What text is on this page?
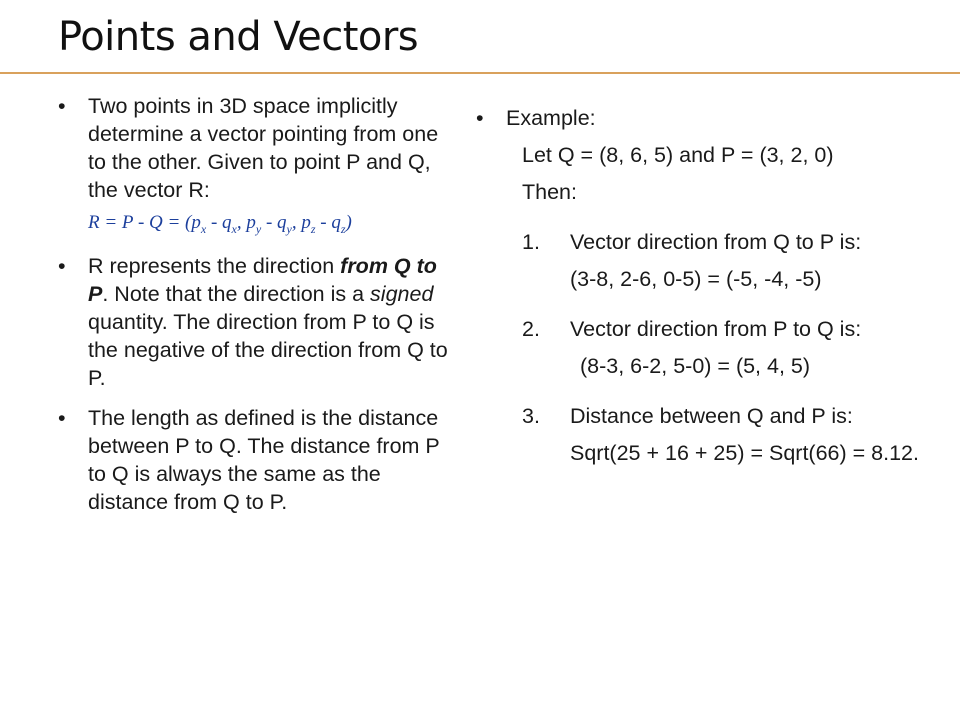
Points and Vectors
• Two points in 3D space implicitly determine a vector pointing from one to the other. Given to point P and Q, the vector R:
$R = P - Q = (p_x - q_x$, $p_y - q_y$, $p_z - q_z$)
• R represents the direction from Q to P. Note that the direction is a signed quantity. The direction from P to Q is the negative of the direction from Q to P.
• The length as defined is the distance between P to Q. The distance from P to Q is always the same as the distance from Q to P.
• Example:
Let Q = (8, 6, 5) and P = (3, 2, 0)
Then:
1. Vector direction from Q to P is:
(3-8, 2-6, 0-5) = (-5, -4, -5)
2. Vector direction from P to Q is:
(8-3, 6-2, 5-0) = (5, 4, 5)
3. Distance between Q and P is:
Sqrt(25 + 16 + 25) = Sqrt(66) = 8.12.
